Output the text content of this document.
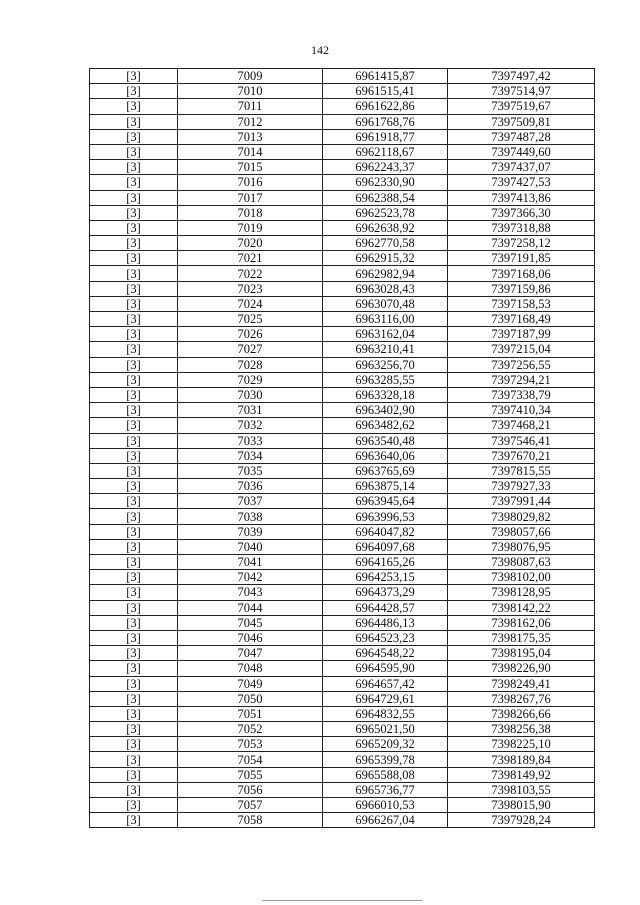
142
[3]	7009	6961415,87	7397497,42
[3]	7010	6961515,41	7397514,97
[3]	7011	6961622,86	7397519,67
[3]	7012	6961768,76	7397509,81
[3]	7013	6961918,77	7397487,28
[3]	7014	6962118,67	7397449,60
[3]	7015	6962243,37	7397437,07
[3]	7016	6962330,90	7397427,53
[3]	7017	6962388,54	7397413,86
[3]	7018	6962523,78	7397366,30
[3]	7019	6962638,92	7397318,88
[3]	7020	6962770,58	7397258,12
[3]	7021	6962915,32	7397191,85
[3]	7022	6962982,94	7397168,06
[3]	7023	6963028,43	7397159,86
[3]	7024	6963070,48	7397158,53
[3]	7025	6963116,00	7397168,49
[3]	7026	6963162,04	7397187,99
[3]	7027	6963210,41	7397215,04
[3]	7028	6963256,70	7397256,55
[3]	7029	6963285,55	7397294,21
[3]	7030	6963328,18	7397338,79
[3]	7031	6963402,90	7397410,34
[3]	7032	6963482,62	7397468,21
[3]	7033	6963540,48	7397546,41
[3]	7034	6963640,06	7397670,21
[3]	7035	6963765,69	7397815,55
[3]	7036	6963875,14	7397927,33
[3]	7037	6963945,64	7397991,44
[3]	7038	6963996,53	7398029,82
[3]	7039	6964047,82	7398057,66
[3]	7040	6964097,68	7398076,95
[3]	7041	6964165,26	7398087,63
[3]	7042	6964253,15	7398102,00
[3]	7043	6964373,29	7398128,95
[3]	7044	6964428,57	7398142,22
[3]	7045	6964486,13	7398162,06
[3]	7046	6964523,23	7398175,35
[3]	7047	6964548,22	7398195,04
[3]	7048	6964595,90	7398226,90
[3]	7049	6964657,42	7398249,41
[3]	7050	6964729,61	7398267,76
[3]	7051	6964832,55	7398266,66
[3]	7052	6965021,50	7398256,38
[3]	7053	6965209,32	7398225,10
[3]	7054	6965399,78	7398189,84
[3]	7055	6965588,08	7398149,92
[3]	7056	6965736,77	7398103,55
[3]	7057	6966010,53	7398015,90
[3]	7058	6966267,04	7397928,24
